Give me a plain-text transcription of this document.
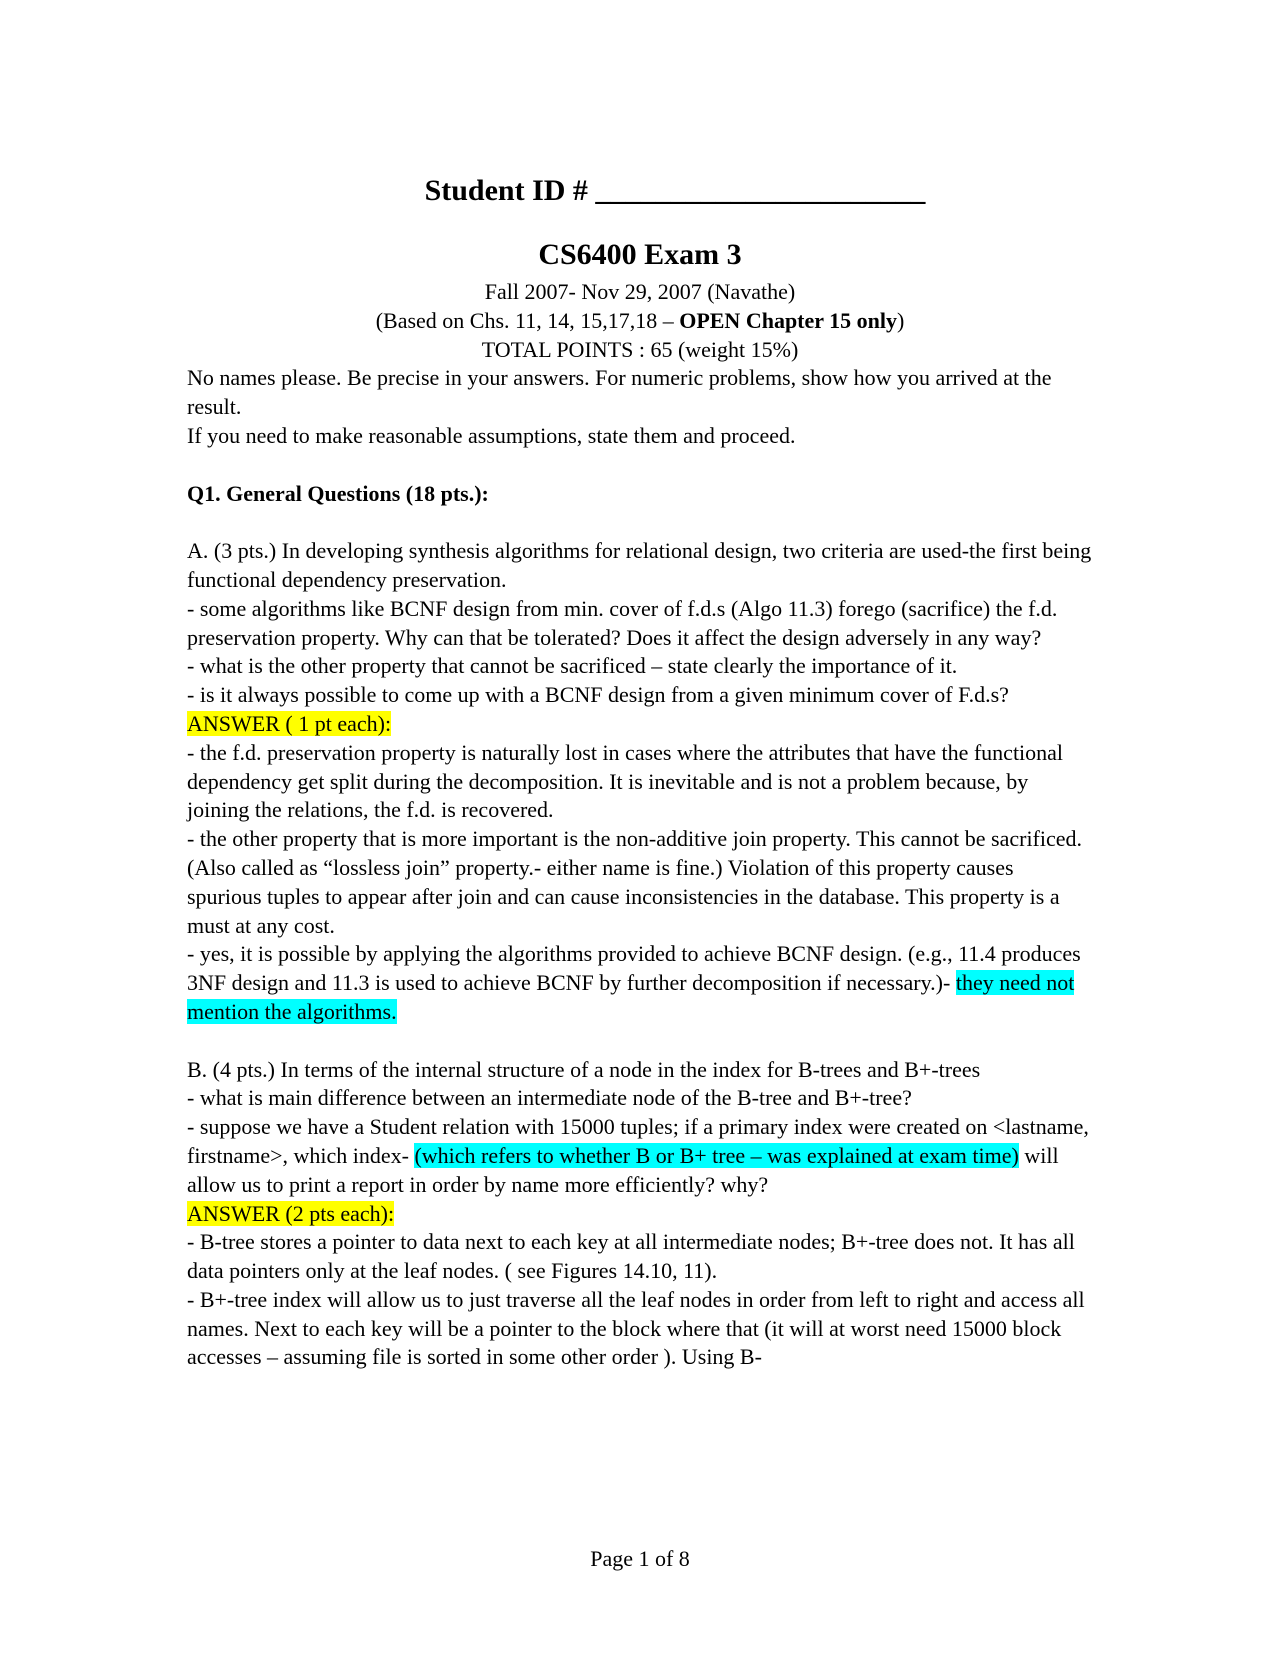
Student ID # ______________________
CS6400 Exam 3

Fall 2007- Nov 29, 2007 (Navathe)

(Based on Chs. 11, 14, 15,17,18 – OPEN Chapter 15 only)

TOTAL POINTS : 65 (weight 15%)

No names please. Be precise in your answers. For numeric problems, show how you arrived at the result.

If you need to make reasonable assumptions, state them and proceed.

Q1. General Questions (18 pts.):

A. (3 pts.) In developing synthesis algorithms for relational design, two criteria are used-the first being functional dependency preservation.

- some algorithms like BCNF design from min. cover of f.d.s (Algo 11.3) forego (sacrifice) the f.d. preservation property. Why can that be tolerated? Does it affect the design adversely in any way?

- what is the other property that cannot be sacrificed – state clearly the importance of it.

- is it always possible to come up with a BCNF design from a given minimum cover of F.d.s?

ANSWER ( 1 pt each):

- the f.d. preservation property is naturally lost in cases where the attributes that have the functional dependency get split during the decomposition. It is inevitable and is not a problem because, by joining the relations, the f.d. is recovered.

- the other property that is more important is the non-additive join property. This cannot be sacrificed. (Also called as “lossless join” property.- either name is fine.) Violation of this property causes spurious tuples to appear after join and can cause inconsistencies in the database. This property is a must at any cost.

- yes, it is possible by applying the algorithms provided to achieve BCNF design. (e.g., 11.4 produces 3NF design and 11.3 is used to achieve BCNF by further decomposition if necessary.)- they need not mention the algorithms.

B. (4 pts.) In terms of the internal structure of a node in the index for B-trees and B+-trees

- what is main difference between an intermediate node of the B-tree and B+-tree?

- suppose we have a Student relation with 15000 tuples; if a primary index were created on <lastname, firstname>, which index- (which refers to whether B or B+ tree – was explained at exam time) will allow us to print a report in order by name more efficiently? why?

ANSWER (2 pts each):

- B-tree stores a pointer to data next to each key at all intermediate nodes; B+-tree does not. It has all data pointers only at the leaf nodes. ( see Figures 14.10, 11).

- B+-tree index will allow us to just traverse all the leaf nodes in order from left to right and access all names. Next to each key will be a pointer to the block where that (it will at worst need 15000 block accesses – assuming file is sorted in some other order ). Using B-

Page 1 of 8
